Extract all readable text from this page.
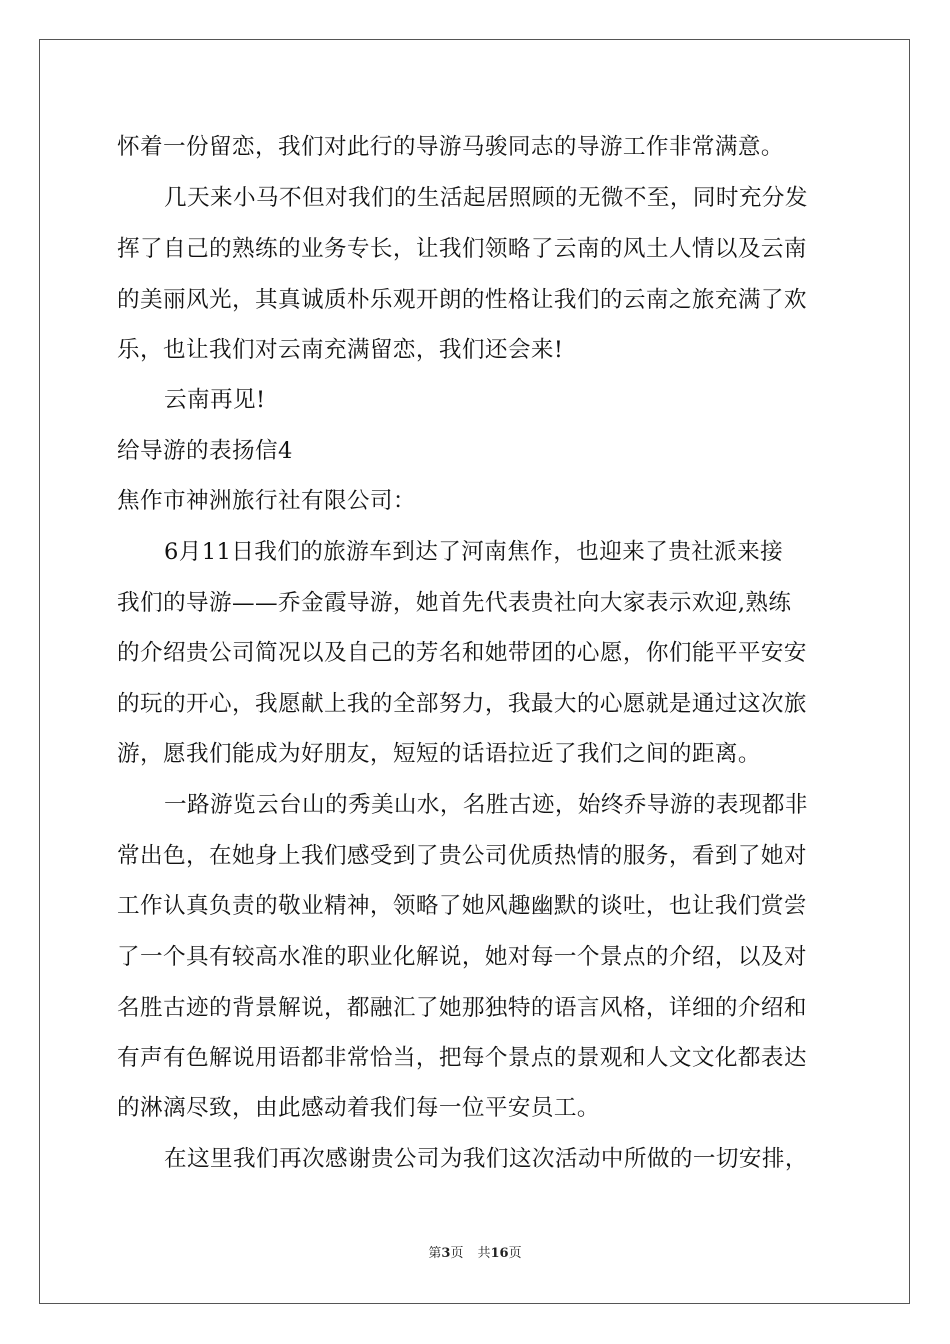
怀着一份留恋，我们对此行的导游马骏同志的导游工作非常满意。
几天来小马不但对我们的生活起居照顾的无微不至，同时充分发
挥了自己的熟练的业务专长，让我们领略了云南的风土人情以及云南
的美丽风光，其真诚质朴乐观开朗的性格让我们的云南之旅充满了欢
乐，也让我们对云南充满留恋，我们还会来!
云南再见!
给导游的表扬信4
焦作市神洲旅行社有限公司：
6月11日我们的旅游车到达了河南焦作，也迎来了贵社派来接
我们的导游——乔金霞导游，她首先代表贵社向大家表示欢迎,熟练
的介绍贵公司简况以及自己的芳名和她带团的心愿，你们能平平安安
的玩的开心，我愿献上我的全部努力，我最大的心愿就是通过这次旅
游，愿我们能成为好朋友，短短的话语拉近了我们之间的距离。
一路游览云台山的秀美山水，名胜古迹，始终乔导游的表现都非
常出色，在她身上我们感受到了贵公司优质热情的服务，看到了她对
工作认真负责的敬业精神，领略了她风趣幽默的谈吐，也让我们赏尝
了一个具有较高水准的职业化解说，她对每一个景点的介绍，以及对
名胜古迹的背景解说，都融汇了她那独特的语言风格，详细的介绍和
有声有色解说用语都非常恰当，把每个景点的景观和人文文化都表达
的淋漓尽致，由此感动着我们每一位平安员工。
在这里我们再次感谢贵公司为我们这次活动中所做的一切安排，
第3页 共16页
